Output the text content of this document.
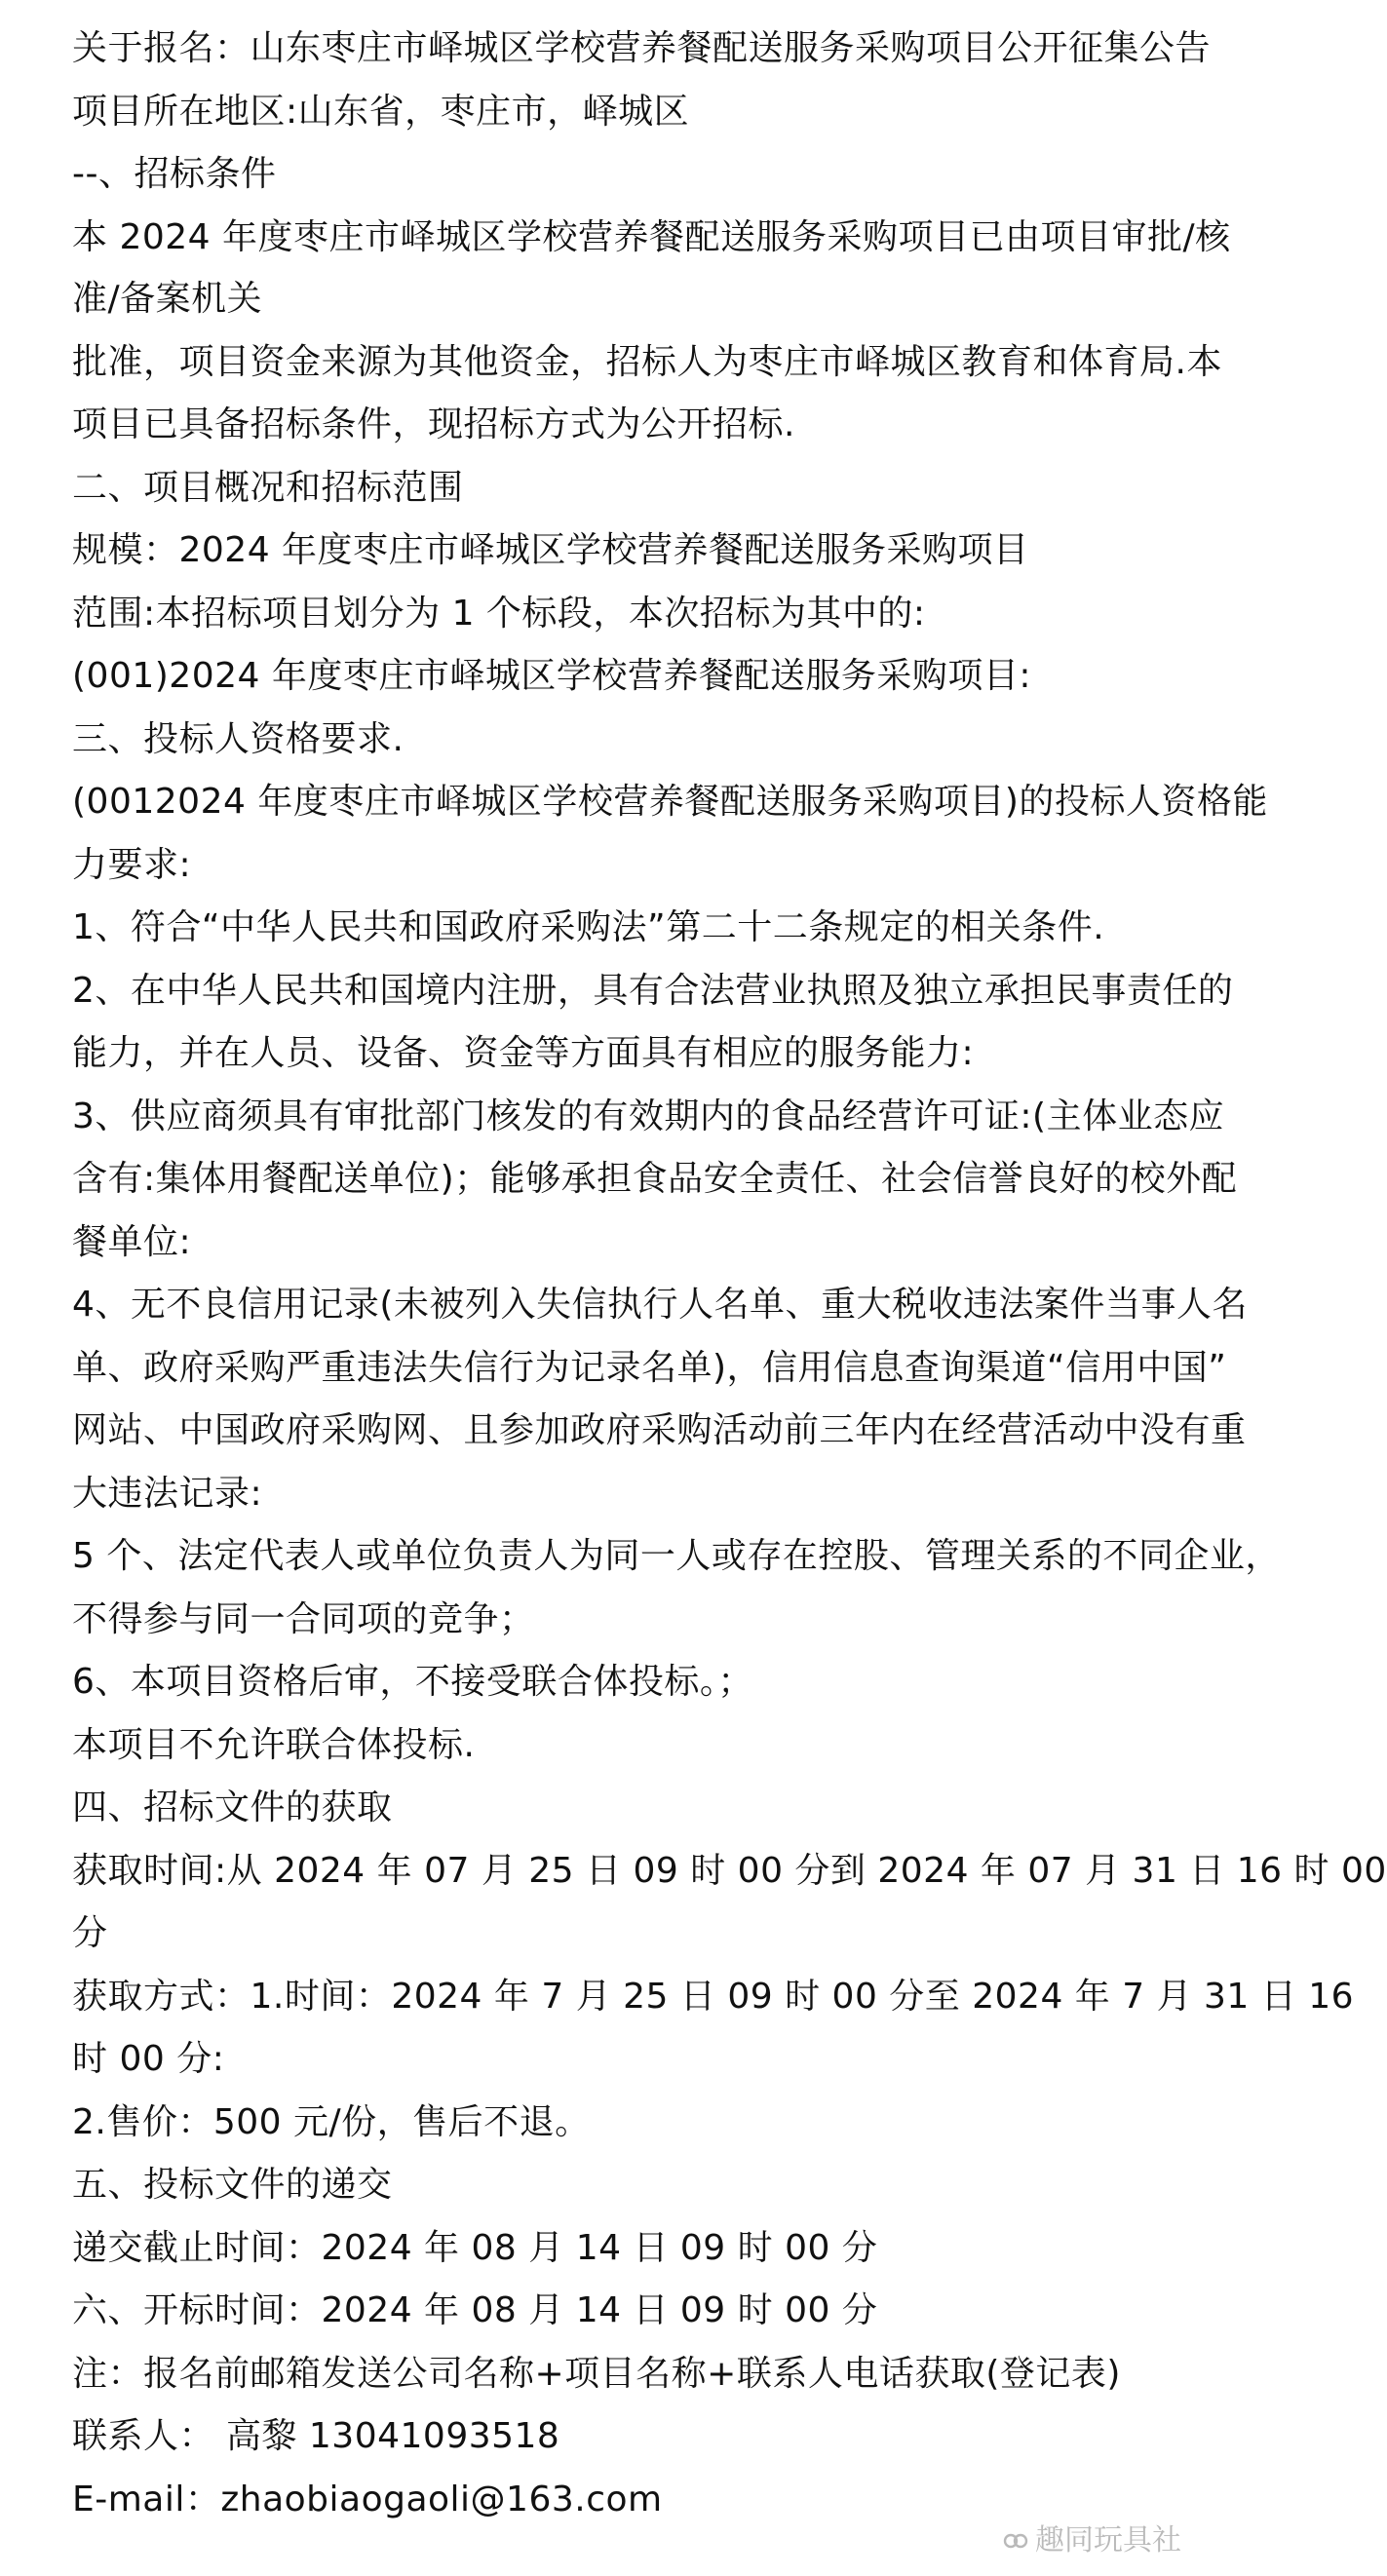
关于报名：山东枣庄市峄城区学校营养餐配送服务采购项目公开征集公告
项目所在地区:山东省，枣庄市，峄城区
--、招标条件
本 2024 年度枣庄市峄城区学校营养餐配送服务采购项目已由项目审批/核
准/备案机关
批准，项目资金来源为其他资金，招标人为枣庄市峄城区教育和体育局.本
项目已具备招标条件，现招标方式为公开招标.
二、项目概况和招标范围
规模：2024 年度枣庄市峄城区学校营养餐配送服务采购项目
范围:本招标项目划分为 1 个标段，本次招标为其中的:
(001)2024 年度枣庄市峄城区学校营养餐配送服务采购项目:
三、投标人资格要求.
(0012024 年度枣庄市峄城区学校营养餐配送服务采购项目)的投标人资格能
力要求:
1、符合“中华人民共和国政府采购法”第二十二条规定的相关条件.
2、在中华人民共和国境内注册，具有合法营业执照及独立承担民事责任的
能力，并在人员、设备、资金等方面具有相应的服务能力:
3、供应商须具有审批部门核发的有效期内的食品经营许可证:(主体业态应
含有:集体用餐配送单位)；能够承担食品安全责任、社会信誉良好的校外配
餐单位:
4、无不良信用记录(未被列入失信执行人名单、重大税收违法案件当事人名
单、政府采购严重违法失信行为记录名单)，信用信息查询渠道“信用中国”
网站、中国政府采购网、且参加政府采购活动前三年内在经营活动中没有重
大违法记录:
5 个、法定代表人或单位负责人为同一人或存在控股、管理关系的不同企业，
不得参与同一合同项的竞争；
6、本项目资格后审，不接受联合体投标。；
本项目不允许联合体投标.
四、招标文件的获取
获取时间:从 2024 年 07 月 25 日 09 时 00 分到 2024 年 07 月 31 日 16 时 00
分
获取方式：1.时间：2024 年 7 月 25 日 09 时 00 分至 2024 年 7 月 31 日 16
时 00 分:
2.售价：500 元/份，售后不退。
五、投标文件的递交
递交截止时间：2024 年 08 月 14 日 09 时 00 分
六、开标时间：2024 年 08 月 14 日 09 时 00 分
注：报名前邮箱发送公司名称+项目名称+联系人电话获取(登记表)
联系人： 高黎 13041093518
E-mail：zhaobiaogaoli@163.com
趣同玩具社
